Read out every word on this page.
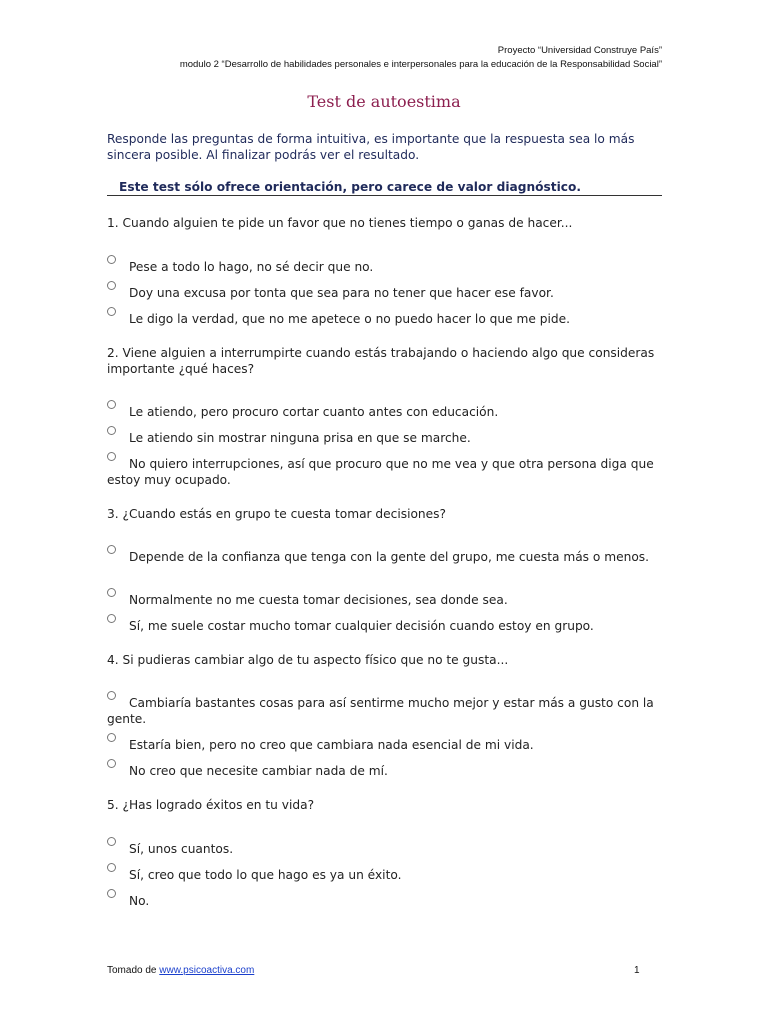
Proyecto “Universidad Construye País”
modulo 2 “Desarrollo de habilidades personales e interpersonales para la educación de la Responsabilidad Social”
Test de autoestima
Responde las preguntas de forma intuitiva, es importante que la respuesta sea lo más sincera posible. Al finalizar podrás ver el resultado.
Este test sólo ofrece orientación, pero carece de valor diagnóstico.
1. Cuando alguien te pide un favor que no tienes tiempo o ganas de hacer...
Pese a todo lo hago, no sé decir que no.
Doy una excusa por tonta que sea para no tener que hacer ese favor.
Le digo la verdad, que no me apetece o no puedo hacer lo que me pide.
2. Viene alguien a interrumpirte cuando estás trabajando o haciendo algo que consideras importante ¿qué haces?
Le atiendo, pero procuro cortar cuanto antes con educación.
Le atiendo sin mostrar ninguna prisa en que se marche.
No quiero interrupciones, así que procuro que no me vea y que otra persona diga que estoy muy ocupado.
3. ¿Cuando estás en grupo te cuesta tomar decisiones?
Depende de la confianza que tenga con la gente del grupo, me cuesta más o menos.
Normalmente no me cuesta tomar decisiones, sea donde sea.
Sí, me suele costar mucho tomar cualquier decisión cuando estoy en grupo.
4. Si pudieras cambiar algo de tu aspecto físico que no te gusta...
Cambiaría bastantes cosas para así sentirme mucho mejor y estar más a gusto con la gente.
Estaría bien, pero no creo que cambiara nada esencial de mi vida.
No creo que necesite cambiar nada de mí.
5. ¿Has logrado éxitos en tu vida?
Sí, unos cuantos.
Sí, creo que todo lo que hago es ya un éxito.
No.
Tomado de www.psicoactiva.com	1
